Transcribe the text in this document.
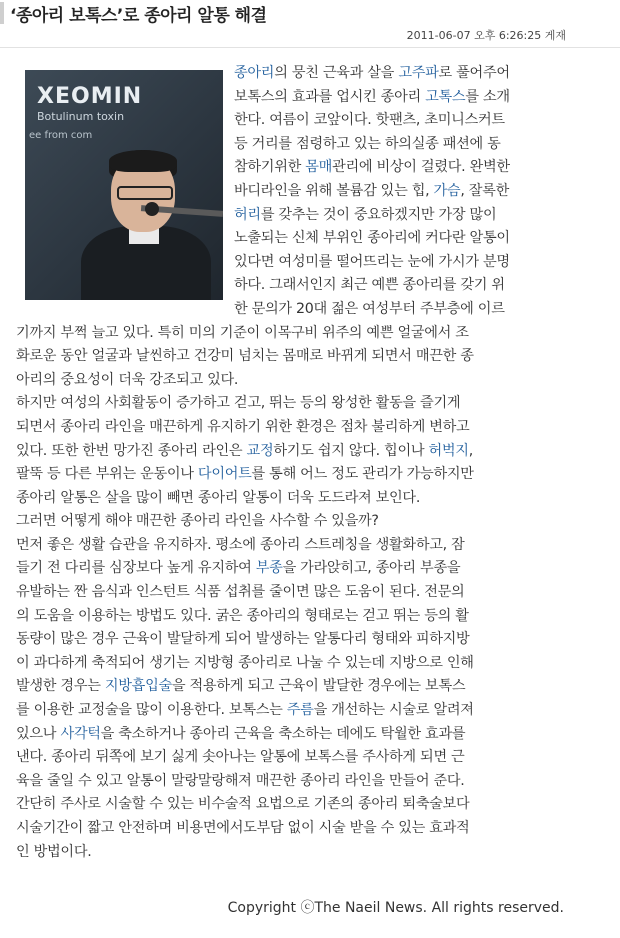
‘종아리 보톡스’로 종아리 알통 해결
2011-06-07 오후 6:26:25 게재
종아리의 뭉친 근육과 살을 고주파로 풀어주어
보톡스의 효과를 업시킨 종아리 고톡스를 소개
한다. 여름이 코앞이다. 핫팬츠, 초미니스커트
등 거리를 점령하고 있는 하의실종 패션에 동
참하기위한 몸매관리에 비상이 걸렸다. 완벽한
바디라인을 위해 볼륨감 있는 힙, 가슴, 잘록한
허리를 갖추는 것이 중요하겠지만 가장 많이
노출되는 신체 부위인 종아리에 커다란 알통이
있다면 여성미를 떨어뜨리는 눈에 가시가 분명
하다. 그래서인지 최근 예쁜 종아리를 갖기 위
한 문의가 20대 젊은 여성부터 주부층에 이르
기까지 부쩍 늘고 있다. 특히 미의 기준이 이목구비 위주의 예쁜 얼굴에서 조
화로운 동안 얼굴과 날씬하고 건강미 넘치는 몸매로 바뀌게 되면서 매끈한 종
아리의 중요성이 더욱 강조되고 있다.
하지만 여성의 사회활동이 증가하고 걷고, 뛰는 등의 왕성한 활동을 즐기게
되면서 종아리 라인을 매끈하게 유지하기 위한 환경은 점차 불리하게 변하고
있다. 또한 한번 망가진 종아리 라인은 교정하기도 쉽지 않다. 힙이나 허벅지,
팔뚝 등 다른 부위는 운동이나 다이어트를 통해 어느 정도 관리가 가능하지만
종아리 알통은 살을 많이 빼면 종아리 알통이 더욱 도드라져 보인다.
그러면 어떻게 해야 매끈한 종아리 라인을 사수할 수 있을까?
먼저 좋은 생활 습관을 유지하자. 평소에 종아리 스트레칭을 생활화하고, 잠
들기 전 다리를 심장보다 높게 유지하여 부종을 가라앉히고, 종아리 부종을
유발하는 짠 음식과 인스턴트 식품 섭취를 줄이면 많은 도움이 된다. 전문의
의 도움을 이용하는 방법도 있다. 굵은 종아리의 형태로는 걷고 뛰는 등의 활
동량이 많은 경우 근육이 발달하게 되어 발생하는 알통다리 형태와 피하지방
이 과다하게 축적되어 생기는 지방형 종아리로 나눌 수 있는데 지방으로 인해
발생한 경우는 지방흡입술을 적용하게 되고 근육이 발달한 경우에는 보톡스
를 이용한 교정술을 많이 이용한다. 보톡스는 주름을 개선하는 시술로 알려져
있으나 사각턱을 축소하거나 종아리 근육을 축소하는 데에도 탁월한 효과를
낸다. 종아리 뒤쪽에 보기 싫게 솟아나는 알통에 보톡스를 주사하게 되면 근
육을 줄일 수 있고 알통이 말랑말랑해져 매끈한 종아리 라인을 만들어 준다.
간단히 주사로 시술할 수 있는 비수술적 요법으로 기존의 종아리 퇴축술보다
시술기간이 짧고 안전하며 비용면에서도부담 없이 시술 받을 수 있는 효과적
인 방법이다.
XEOMIN
Botulinum toxin
ee from com
Copyright ⓒThe Naeil News. All rights reserved.
